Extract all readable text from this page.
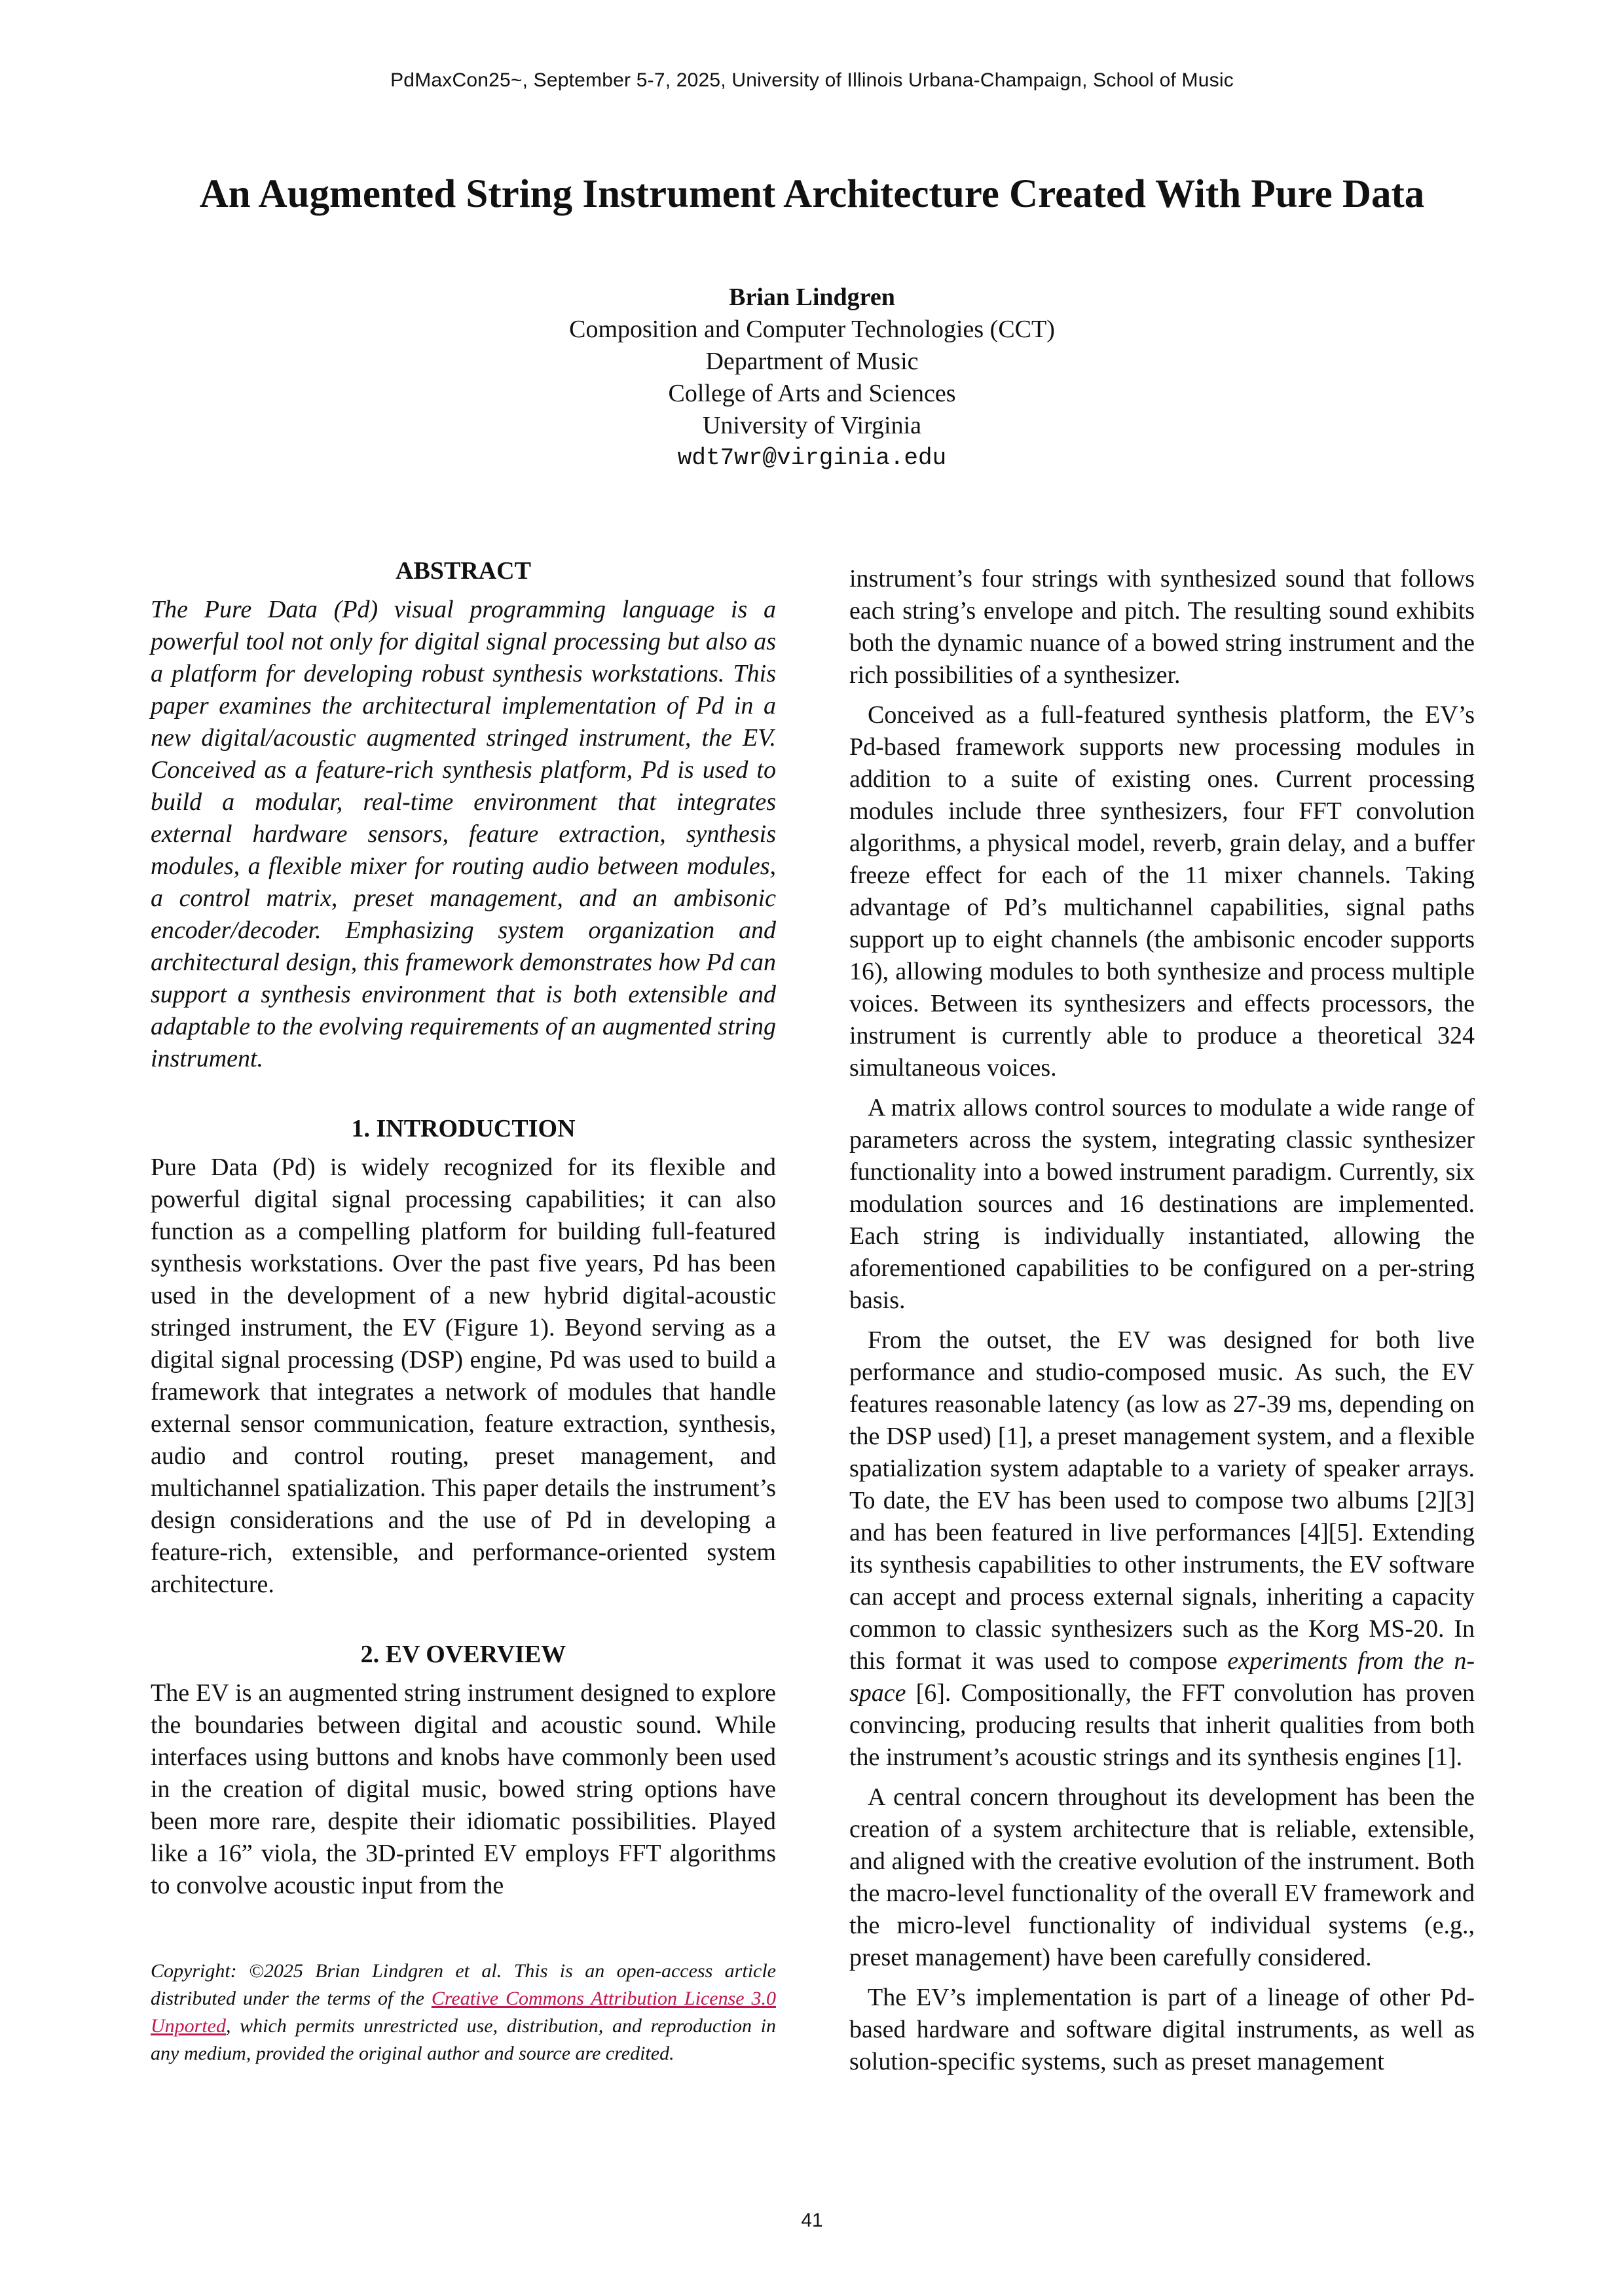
PdMaxCon25~, September 5-7, 2025, University of Illinois Urbana-Champaign, School of Music
An Augmented String Instrument Architecture Created With Pure Data
Brian Lindgren
Composition and Computer Technologies (CCT)
Department of Music
College of Arts and Sciences
University of Virginia
wdt7wr@virginia.edu
ABSTRACT

The Pure Data (Pd) visual programming language is a powerful tool not only for digital signal processing but also as a platform for developing robust synthesis workstations. This paper examines the architectural implementation of Pd in a new digital/acoustic augmented stringed instrument, the EV. Conceived as a feature-rich synthesis platform, Pd is used to build a modular, real-time environment that integrates external hardware sensors, feature extraction, synthesis modules, a flexible mixer for routing audio between modules, a control matrix, preset management, and an ambisonic encoder/decoder. Emphasizing system organization and architectural design, this framework demonstrates how Pd can support a synthesis environment that is both extensible and adaptable to the evolving requirements of an augmented string instrument.

1. INTRODUCTION

Pure Data (Pd) is widely recognized for its flexible and powerful digital signal processing capabilities; it can also function as a compelling platform for building full-featured synthesis workstations. Over the past five years, Pd has been used in the development of a new hybrid digital-acoustic stringed instrument, the EV (Figure 1). Beyond serving as a digital signal processing (DSP) engine, Pd was used to build a framework that integrates a network of modules that handle external sensor communication, feature extraction, synthesis, audio and control routing, preset management, and multichannel spatialization. This paper details the instrument’s design considerations and the use of Pd in developing a feature-rich, extensible, and performance-oriented system architecture.

2. EV OVERVIEW

The EV is an augmented string instrument designed to explore the boundaries between digital and acoustic sound. While interfaces using buttons and knobs have commonly been used in the creation of digital music, bowed string options have been more rare, despite their idiomatic possibilities. Played like a 16” viola, the 3D-printed EV employs FFT algorithms to convolve acoustic input from the

Copyright: ©2025 Brian Lindgren et al. This is an open-access article distributed under the terms of the Creative Commons Attribution License 3.0 Unported, which permits unrestricted use, distribution, and reproduction in any medium, provided the original author and source are credited.

instrument’s four strings with synthesized sound that follows each string’s envelope and pitch. The resulting sound exhibits both the dynamic nuance of a bowed string instrument and the rich possibilities of a synthesizer.

Conceived as a full-featured synthesis platform, the EV’s Pd-based framework supports new processing modules in addition to a suite of existing ones. Current processing modules include three synthesizers, four FFT convolution algorithms, a physical model, reverb, grain delay, and a buffer freeze effect for each of the 11 mixer channels. Taking advantage of Pd’s multichannel capabilities, signal paths support up to eight channels (the ambisonic encoder supports 16), allowing modules to both synthesize and process multiple voices. Between its synthesizers and effects processors, the instrument is currently able to produce a theoretical 324 simultaneous voices.

A matrix allows control sources to modulate a wide range of parameters across the system, integrating classic synthesizer functionality into a bowed instrument paradigm. Currently, six modulation sources and 16 destinations are implemented. Each string is individually instantiated, allowing the aforementioned capabilities to be configured on a per-string basis.

From the outset, the EV was designed for both live performance and studio-composed music. As such, the EV features reasonable latency (as low as 27-39 ms, depending on the DSP used) [1], a preset management system, and a flexible spatialization system adaptable to a variety of speaker arrays. To date, the EV has been used to compose two albums [2][3] and has been featured in live performances [4][5]. Extending its synthesis capabilities to other instruments, the EV software can accept and process external signals, inheriting a capacity common to classic synthesizers such as the Korg MS-20. In this format it was used to compose experiments from the n-space [6]. Compositionally, the FFT convolution has proven convincing, producing results that inherit qualities from both the instrument’s acoustic strings and its synthesis engines [1].

A central concern throughout its development has been the creation of a system architecture that is reliable, extensible, and aligned with the creative evolution of the instrument. Both the macro-level functionality of the overall EV framework and the micro-level functionality of individual systems (e.g., preset management) have been carefully considered.

The EV’s implementation is part of a lineage of other Pd-based hardware and software digital instruments, as well as solution-specific systems, such as preset management

41
